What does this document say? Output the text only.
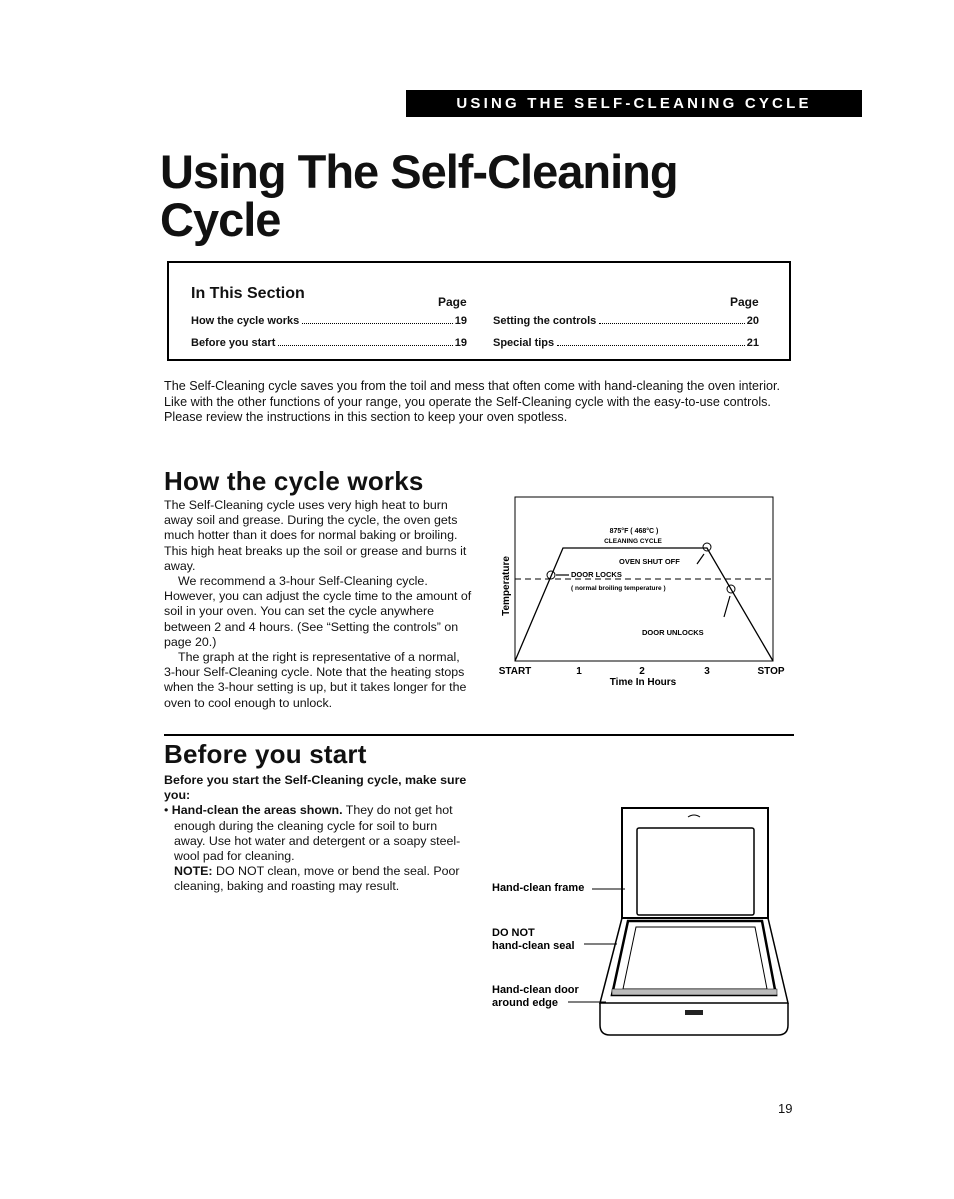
USING THE SELF-CLEANING CYCLE
Using The Self-Cleaning
Cycle
In This Section	Page	Page
How the cycle works	19
Before you start	19
Setting the controls	20
Special tips	21
The Self-Cleaning cycle saves you from the toil and mess that often come with hand-cleaning the oven interior. Like with the other functions of your range, you operate the Self-Cleaning cycle with the easy-to-use controls. Please review the instructions in this section to keep your oven spotless.
How the cycle works

The Self-Cleaning cycle uses very high heat to burn away soil and grease. During the cycle, the oven gets much hotter than it does for normal baking or broiling. This high heat breaks up the soil or grease and burns it away.

We recommend a 3-hour Self-Cleaning cycle. However, you can adjust the cycle time to the amount of soil in your oven. You can set the cycle anywhere between 2 and 4 hours. (See “Setting the controls” on page 20.)

The graph at the right is representative of a normal, 3-hour Self-Cleaning cycle. Note that the heating stops when the 3-hour setting is up, but it takes longer for the oven to cool enough to unlock.

875°F ( 468°C )
CLEANING CYCLE
OVEN SHUT OFF
DOOR LOCKS
( normal broiling temperature )
DOOR UNLOCKS
Temperature
START	1	2	3	STOP
Time In Hours
Before you start

Before you start the Self-Cleaning cycle, make sure you:

• Hand-clean the areas shown. They do not get hot enough during the cleaning cycle for soil to burn away. Use hot water and detergent or a soapy steel-wool pad for cleaning.

NOTE: DO NOT clean, move or bend the seal. Poor cleaning, baking and roasting may result.	Hand-clean frame
DO NOT
hand-clean seal
Hand-clean door
around edge
19
